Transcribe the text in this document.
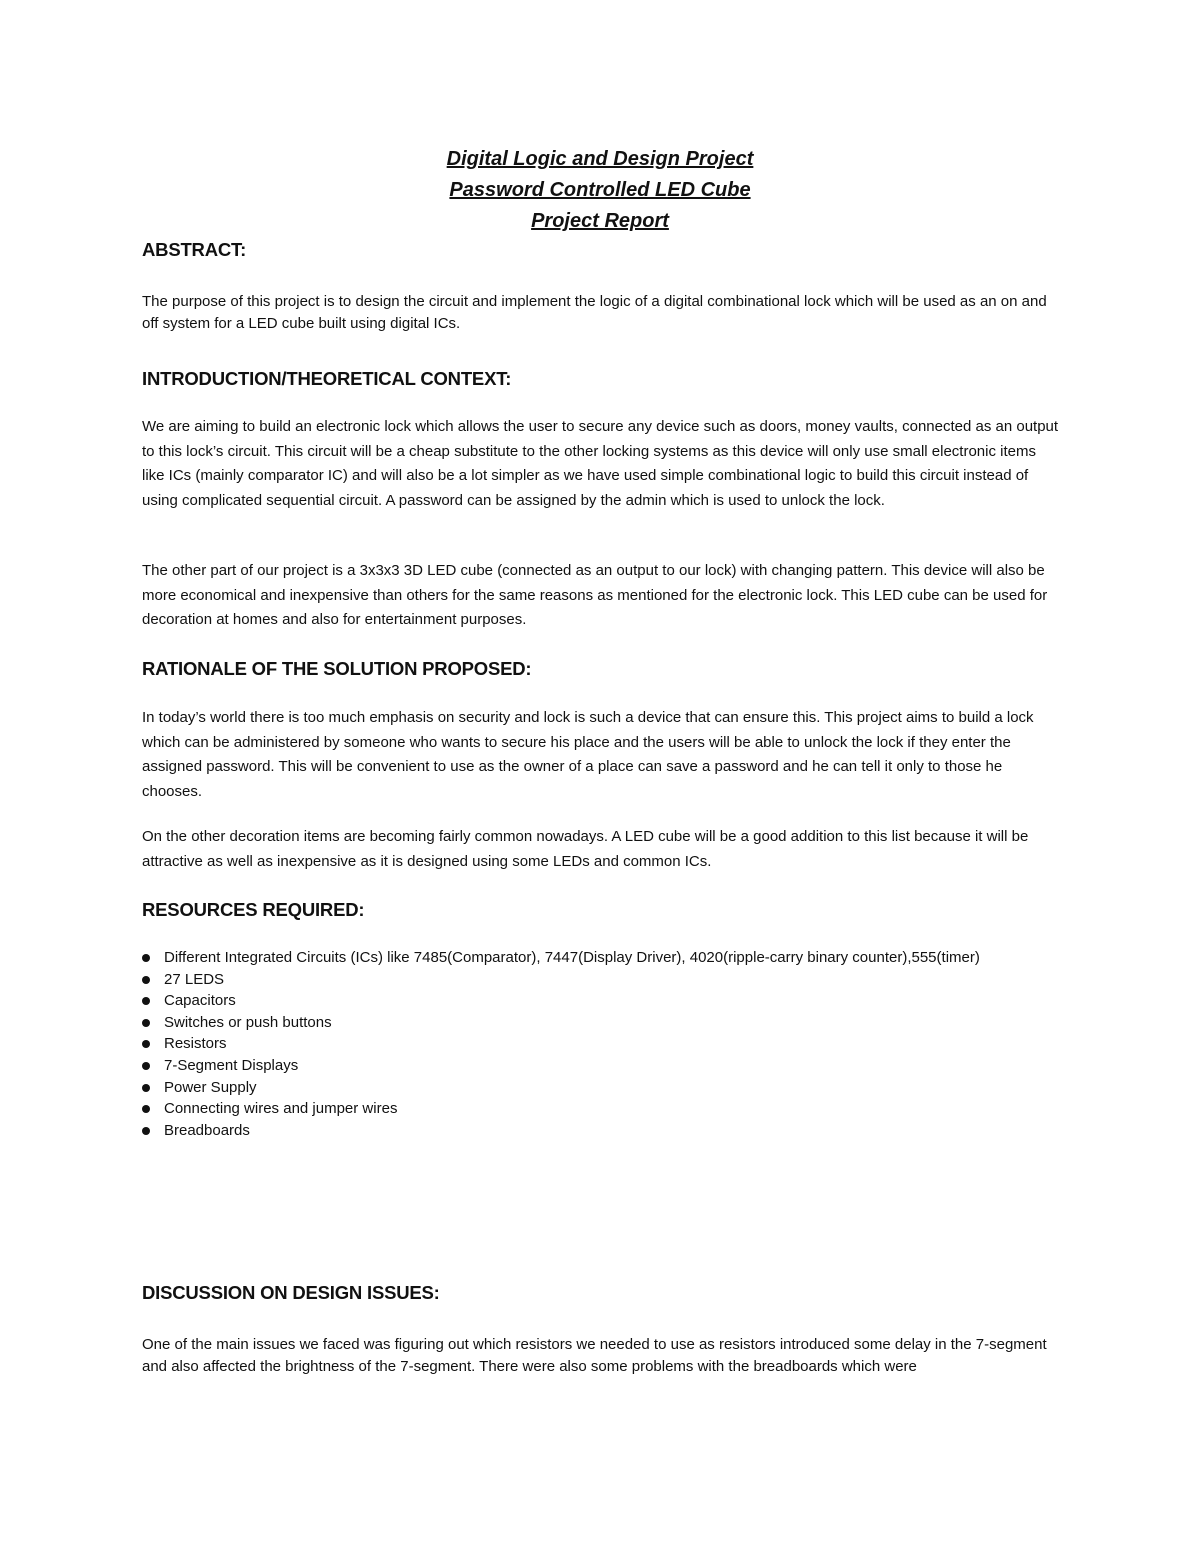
Digital Logic and Design Project

Password Controlled LED Cube

Project Report

ABSTRACT:

The purpose of this project is to design the circuit and implement the logic of a digital combinational lock which will be used as an on and off system for a LED cube built using digital ICs.

INTRODUCTION/THEORETICAL CONTEXT:

We are aiming to build an electronic lock which allows the user to secure any device such as doors, money vaults, connected as an output to this lock’s circuit. This circuit will be a cheap substitute to the other locking systems as this device will only use small electronic items like ICs (mainly comparator IC) and will also be a lot simpler as we have used simple combinational logic to build this circuit instead of using complicated sequential circuit. A password can be assigned by the admin which is used to unlock the lock.

The other part of our project is a 3x3x3 3D LED cube (connected as an output to our lock) with changing pattern. This device will also be more economical and inexpensive than others for the same reasons as mentioned for the electronic lock. This LED cube can be used for decoration at homes and also for entertainment purposes.

RATIONALE OF THE SOLUTION PROPOSED:

In today’s world there is too much emphasis on security and lock is such a device that can ensure this. This project aims to build a lock which can be administered by someone who wants to secure his place and the users will be able to unlock the lock if they enter the assigned password. This will be convenient to use as the owner of a place can save a password and he can tell it only to those he chooses.

On the other decoration items are becoming fairly common nowadays. A LED cube will be a good addition to this list because it will be attractive as well as inexpensive as it is designed using some LEDs and common ICs.

RESOURCES REQUIRED:

Different Integrated Circuits (ICs) like 7485(Comparator), 7447(Display Driver), 4020(ripple-carry binary counter),555(timer)
27 LEDS
Capacitors
Switches or push buttons
Resistors
7-Segment Displays
Power Supply
Connecting wires and jumper wires
Breadboards

DISCUSSION ON DESIGN ISSUES:

One of the main issues we faced was figuring out which resistors we needed to use as resistors introduced some delay in the 7-segment and also affected the brightness of the 7-segment. There were also some problems with the breadboards which were
